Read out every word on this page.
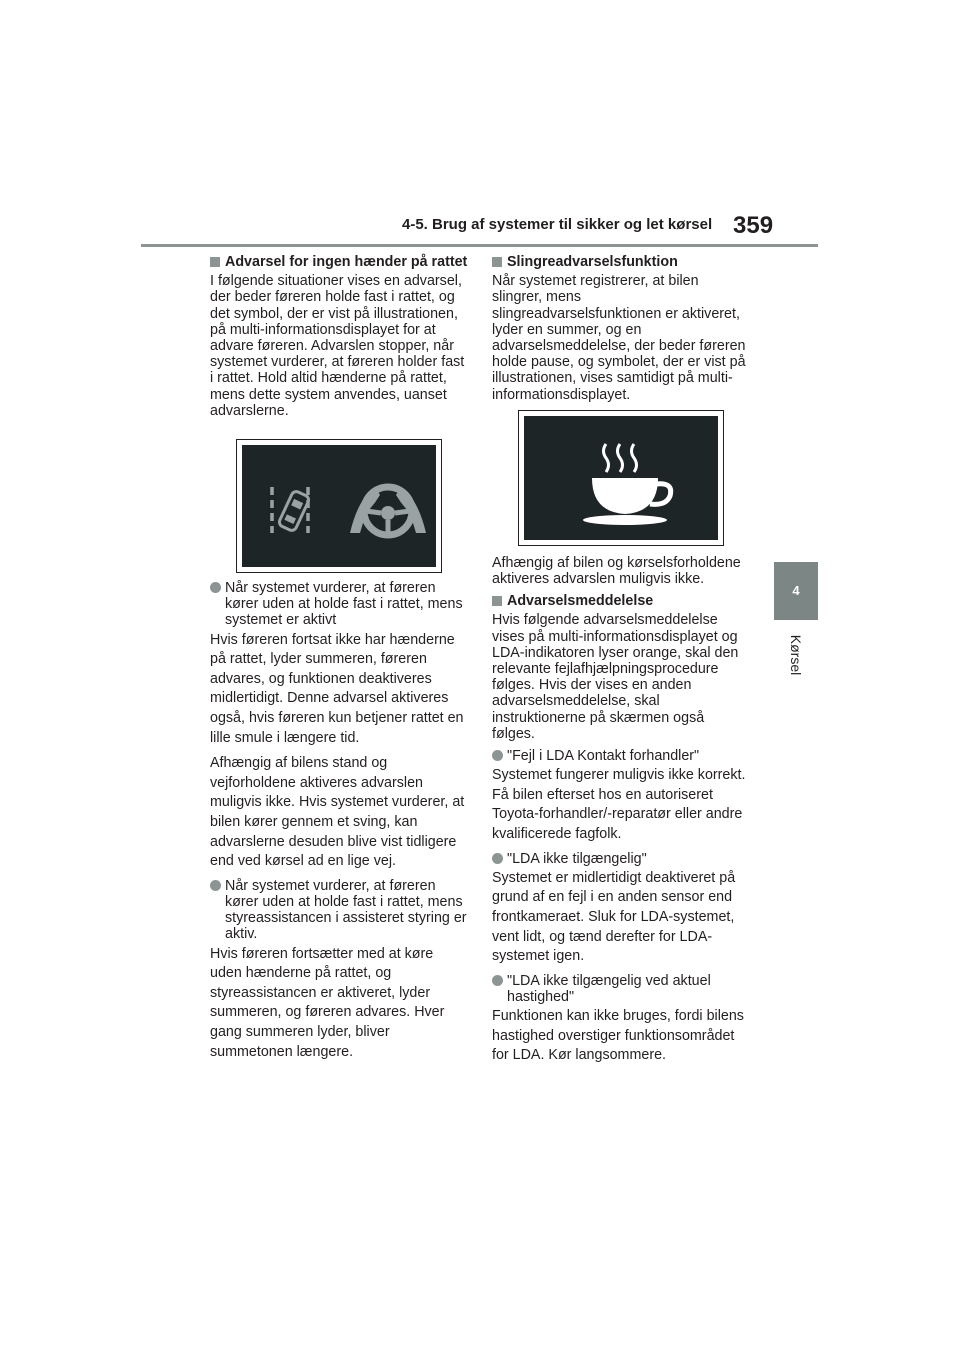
4-5. Brug af systemer til sikker og let kørsel 359
4
Kørsel
Advarsel for ingen hænder på rattet
I følgende situationer vises en advarsel, der beder føreren holde fast i rattet, og det symbol, der er vist på illustrationen, på multi-informationsdisplayet for at advare føreren. Advarslen stopper, når systemet vurderer, at føreren holder fast i rattet. Hold altid hænderne på rattet, mens dette system anvendes, uanset advarslerne.
Når systemet vurderer, at føreren kører uden at holde fast i rattet, mens systemet er aktivt
Hvis føreren fortsat ikke har hænderne på rattet, lyder summeren, føreren advares, og funktionen deaktiveres midlertidigt. Denne advarsel aktiveres også, hvis føreren kun betjener rattet en lille smule i længere tid.
Afhængig af bilens stand og vejforholdene aktiveres advarslen muligvis ikke. Hvis systemet vurderer, at bilen kører gennem et sving, kan advarslerne desuden blive vist tidligere end ved kørsel ad en lige vej.
Når systemet vurderer, at føreren kører uden at holde fast i rattet, mens styreassistancen i assisteret styring er aktiv.
Hvis føreren fortsætter med at køre uden hænderne på rattet, og styreassistancen er aktiveret, lyder summeren, og føreren advares. Hver gang summeren lyder, bliver summetonen længere.
Slingreadvarselsfunktion
Når systemet registrerer, at bilen slingrer, mens slingreadvarselsfunktionen er aktiveret, lyder en summer, og en advarselsmeddelelse, der beder føreren holde pause, og symbolet, der er vist på illustrationen, vises samtidigt på multi-informationsdisplayet.
Afhængig af bilen og kørselsforholdene aktiveres advarslen muligvis ikke.
Advarselsmeddelelse
Hvis følgende advarselsmeddelelse vises på multi-informationsdisplayet og LDA-indikatoren lyser orange, skal den relevante fejlafhjælpningsprocedure følges. Hvis der vises en anden advarselsmeddelelse, skal instruktionerne på skærmen også følges.
"Fejl i LDA Kontakt forhandler"
Systemet fungerer muligvis ikke korrekt. Få bilen efterset hos en autoriseret Toyota-forhandler/-reparatør eller andre kvalificerede fagfolk.
"LDA ikke tilgængelig"
Systemet er midlertidigt deaktiveret på grund af en fejl i en anden sensor end frontkameraet. Sluk for LDA-systemet, vent lidt, og tænd derefter for LDA-systemet igen.
"LDA ikke tilgængelig ved aktuel hastighed"
Funktionen kan ikke bruges, fordi bilens hastighed overstiger funktionsområdet for LDA. Kør langsommere.
